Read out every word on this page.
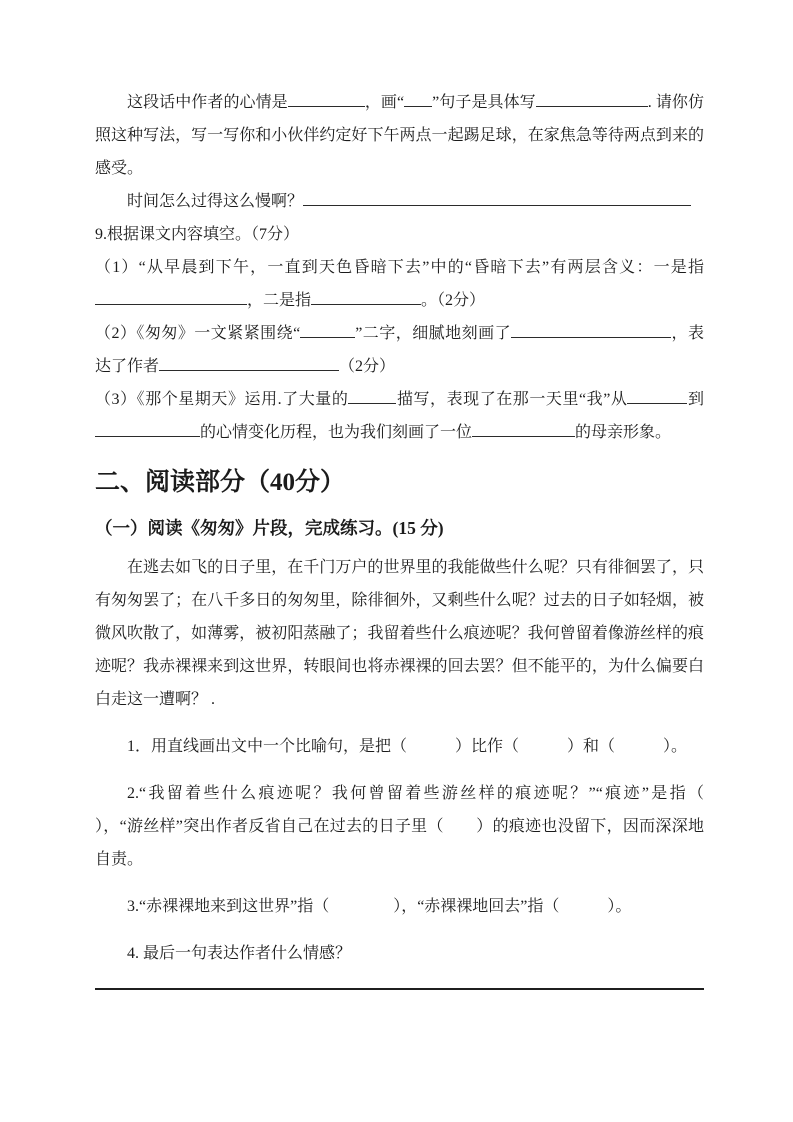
这段话中作者的心情是	，画“ ”句子是具体写	. 请你仿照这种写法，写一写你和小伙伴约定好下午两点一起踢足球，在家焦急等待两点到来的感受。
时间怎么过得这么慢啊？
9.根据课文内容填空。（7分）
（1）“从早晨到下午，一直到天色昏暗下去”中的“昏暗下去”有两层含义：一是指，二是指	。（2分）
（2）《匆匆》一文紧紧围绕“	”二字，细腻地刻画了	，表达了作者	（2分）
（3）《那个星期天》运用.了大量的	描写，表现了在那一天里“我”从	到的心情变化历程，也为我们刻画了一位	的母亲形象。
二、阅读部分（40分）
（一）阅读《匆匆》片段，完成练习。(15 分)
在逃去如飞的日子里，在千门万户的世界里的我能做些什么呢？只有徘徊罢了，只有匆匆罢了；在八千多日的匆匆里，除徘徊外，又剩些什么呢？过去的日子如轻烟，被微风吹散了，如薄雾，被初阳蒸融了；我留着些什么痕迹呢？我何曾留着像游丝样的痕迹呢？我赤裸裸来到这世界，转眼间也将赤裸裸的回去罢？但不能平的，为什么偏要白白走这一遭啊？ .
1．用直线画出文中一个比喻句，是把（　　　）比作（　　　）和（　　　）。
2.“我留着些什么痕迹呢？我何曾留着些游丝样的痕迹呢？”“痕迹”是指（　　），“游丝样”突出作者反省自己在过去的日子里（　　）的痕迹也没留下，因而深深地自责。
3.“赤裸裸地来到这世界”指（　　　　），“赤裸裸地回去”指（　　　）。
4. 最后一句表达作者什么情感？
